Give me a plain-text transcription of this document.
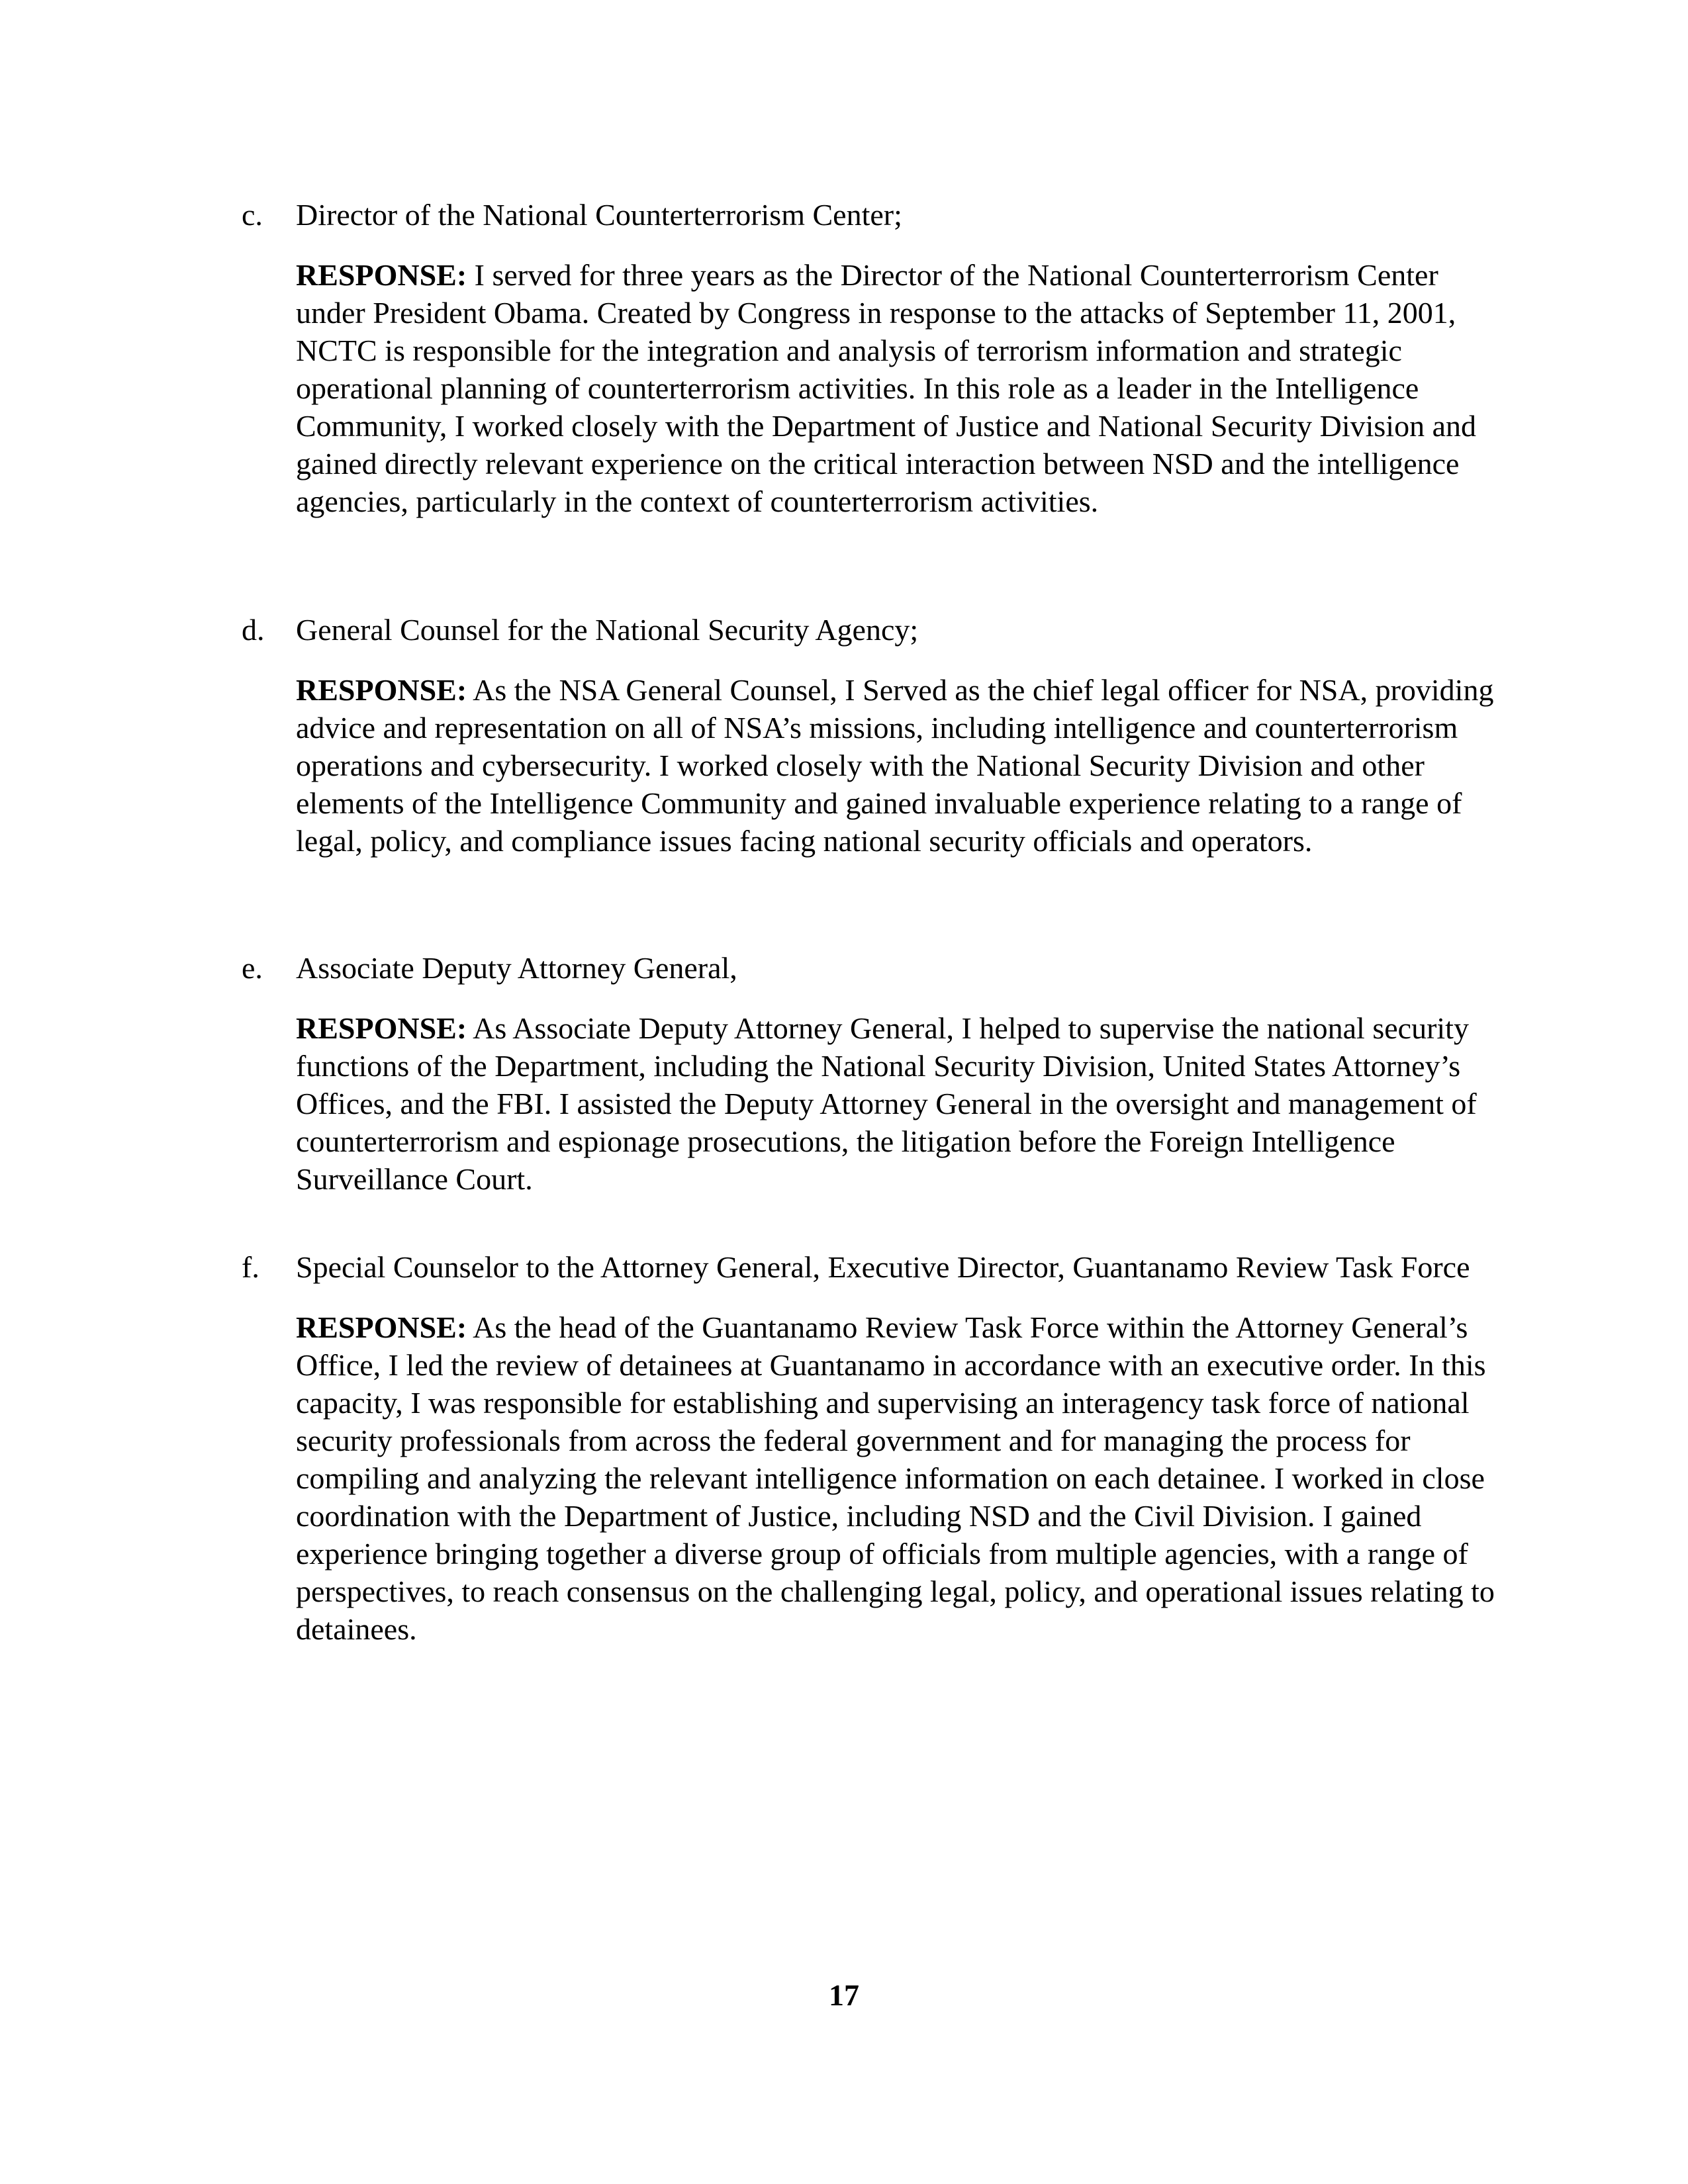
c. Director of the National Counterterrorism Center;
RESPONSE: I served for three years as the Director of the National Counterterrorism Center under President Obama. Created by Congress in response to the attacks of September 11, 2001, NCTC is responsible for the integration and analysis of terrorism information and strategic operational planning of counterterrorism activities. In this role as a leader in the Intelligence Community, I worked closely with the Department of Justice and National Security Division and gained directly relevant experience on the critical interaction between NSD and the intelligence agencies, particularly in the context of counterterrorism activities.
d. General Counsel for the National Security Agency;
RESPONSE: As the NSA General Counsel, I Served as the chief legal officer for NSA, providing advice and representation on all of NSA’s missions, including intelligence and counterterrorism operations and cybersecurity. I worked closely with the National Security Division and other elements of the Intelligence Community and gained invaluable experience relating to a range of legal, policy, and compliance issues facing national security officials and operators.
e. Associate Deputy Attorney General,
RESPONSE: As Associate Deputy Attorney General, I helped to supervise the national security functions of the Department, including the National Security Division, United States Attorney’s Offices, and the FBI. I assisted the Deputy Attorney General in the oversight and management of counterterrorism and espionage prosecutions, the litigation before the Foreign Intelligence Surveillance Court.
f. Special Counselor to the Attorney General, Executive Director, Guantanamo Review Task Force
RESPONSE: As the head of the Guantanamo Review Task Force within the Attorney General’s Office, I led the review of detainees at Guantanamo in accordance with an executive order. In this capacity, I was responsible for establishing and supervising an interagency task force of national security professionals from across the federal government and for managing the process for compiling and analyzing the relevant intelligence information on each detainee. I worked in close coordination with the Department of Justice, including NSD and the Civil Division. I gained experience bringing together a diverse group of officials from multiple agencies, with a range of perspectives, to reach consensus on the challenging legal, policy, and operational issues relating to detainees.
17
